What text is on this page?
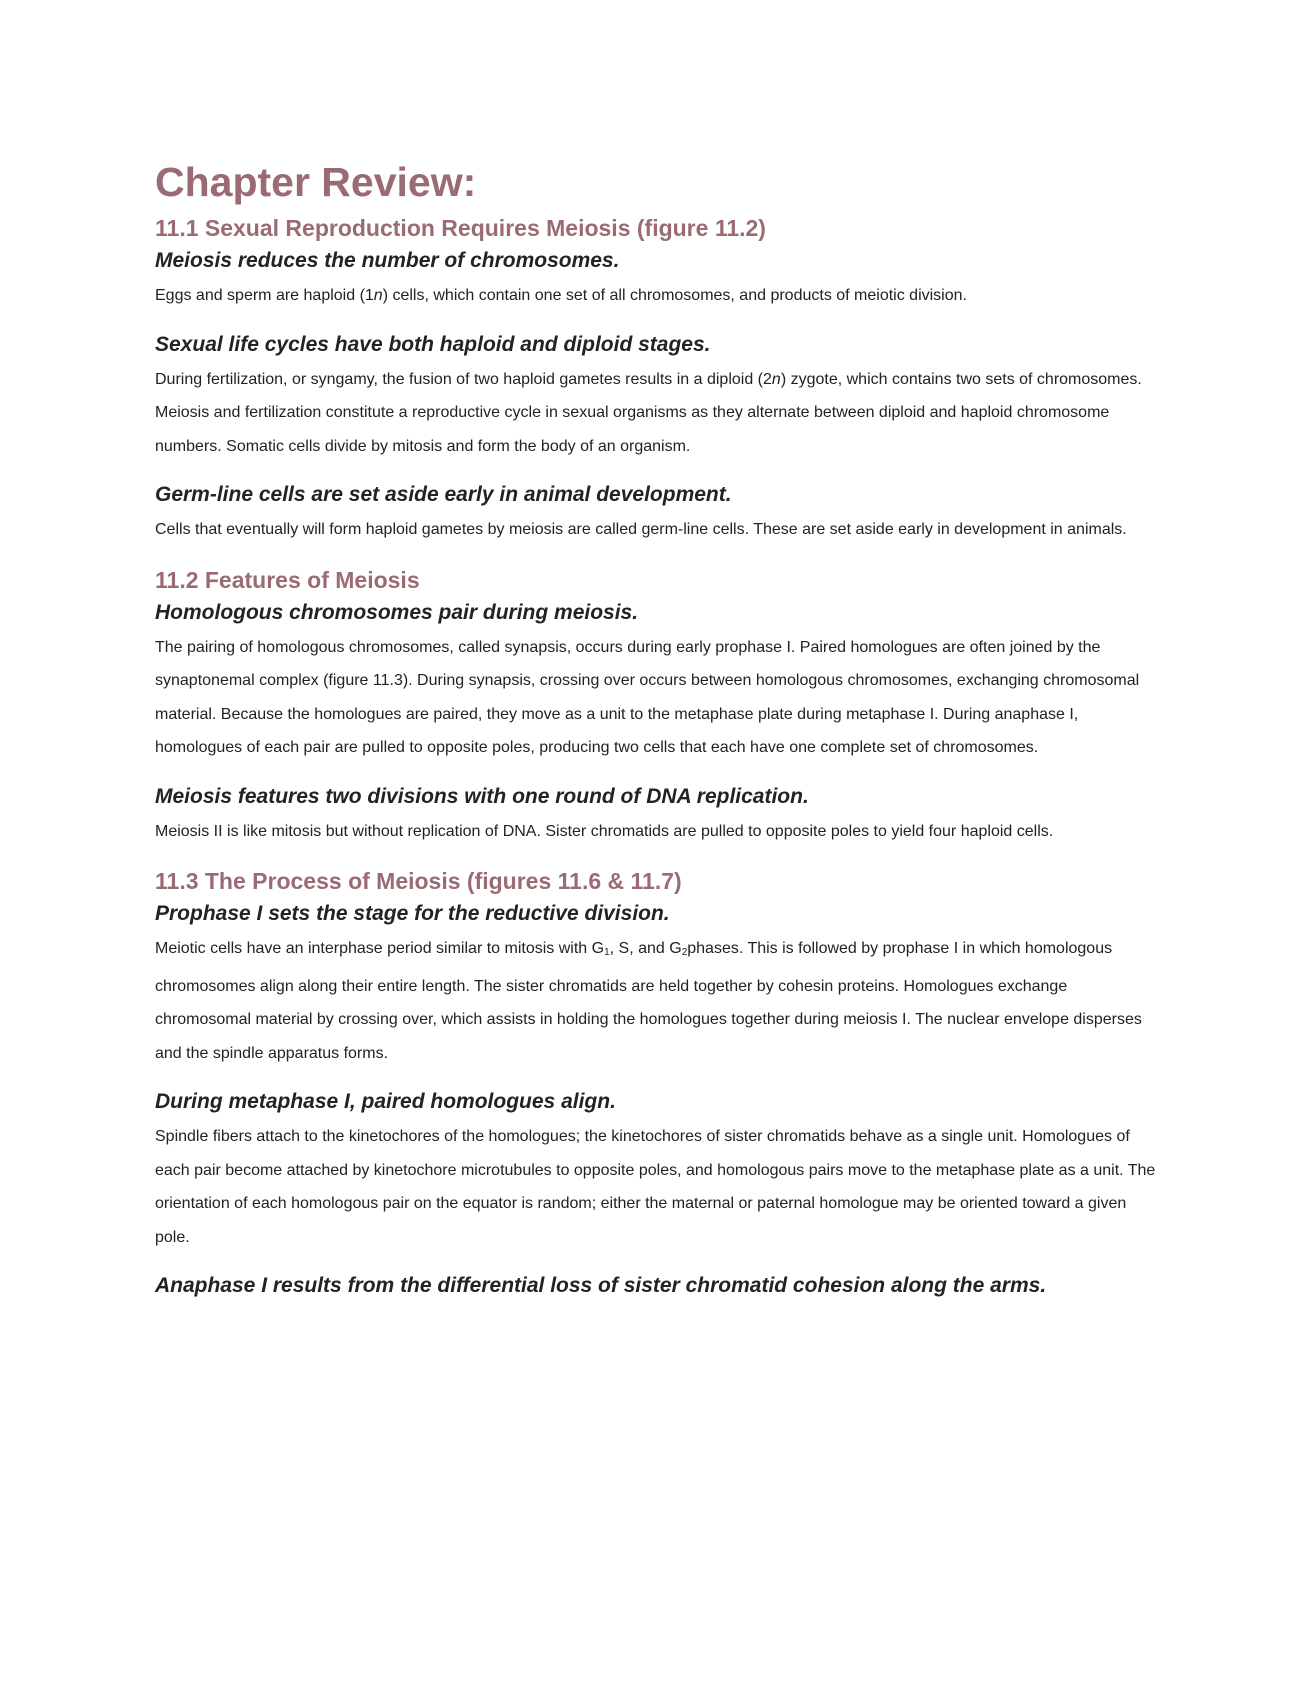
Chapter Review:
11.1 Sexual Reproduction Requires Meiosis (figure 11.2)
Meiosis reduces the number of chromosomes.

Eggs and sperm are haploid (1n) cells, which contain one set of all chromosomes, and products of meiotic division.

Sexual life cycles have both haploid and diploid stages.

During fertilization, or syngamy, the fusion of two haploid gametes results in a diploid (2n) zygote, which contains two sets of chromosomes. Meiosis and fertilization constitute a reproductive cycle in sexual organisms as they alternate between diploid and haploid chromosome numbers. Somatic cells divide by mitosis and form the body of an organism.

Germ-line cells are set aside early in animal development.

Cells that eventually will form haploid gametes by meiosis are called germ-line cells. These are set aside early in development in animals.

11.2 Features of Meiosis
Homologous chromosomes pair during meiosis.

The pairing of homologous chromosomes, called synapsis, occurs during early prophase I. Paired homologues are often joined by the synaptonemal complex (figure 11.3). During synapsis, crossing over occurs between homologous chromosomes, exchanging chromosomal material. Because the homologues are paired, they move as a unit to the metaphase plate during metaphase I. During anaphase I, homologues of each pair are pulled to opposite poles, producing two cells that each have one complete set of chromosomes.

Meiosis features two divisions with one round of DNA replication.

Meiosis II is like mitosis but without replication of DNA. Sister chromatids are pulled to opposite poles to yield four haploid cells.

11.3 The Process of Meiosis (figures 11.6 & 11.7)
Prophase I sets the stage for the reductive division.

Meiotic cells have an interphase period similar to mitosis with $G_1$, S, and $G_2phases$. This is followed by prophase I in which homologous chromosomes align along their entire length. The sister chromatids are held together by cohesin proteins. Homologues exchange chromosomal material by crossing over, which assists in holding the homologues together during meiosis I. The nuclear envelope disperses and the spindle apparatus forms.

During metaphase I, paired homologues align.

Spindle fibers attach to the kinetochores of the homologues; the kinetochores of sister chromatids behave as a single unit. Homologues of each pair become attached by kinetochore microtubules to opposite poles, and homologous pairs move to the metaphase plate as a unit. The orientation of each homologous pair on the equator is random; either the maternal or paternal homologue may be oriented toward a given pole.

Anaphase I results from the differential loss of sister chromatid cohesion along the arms.
